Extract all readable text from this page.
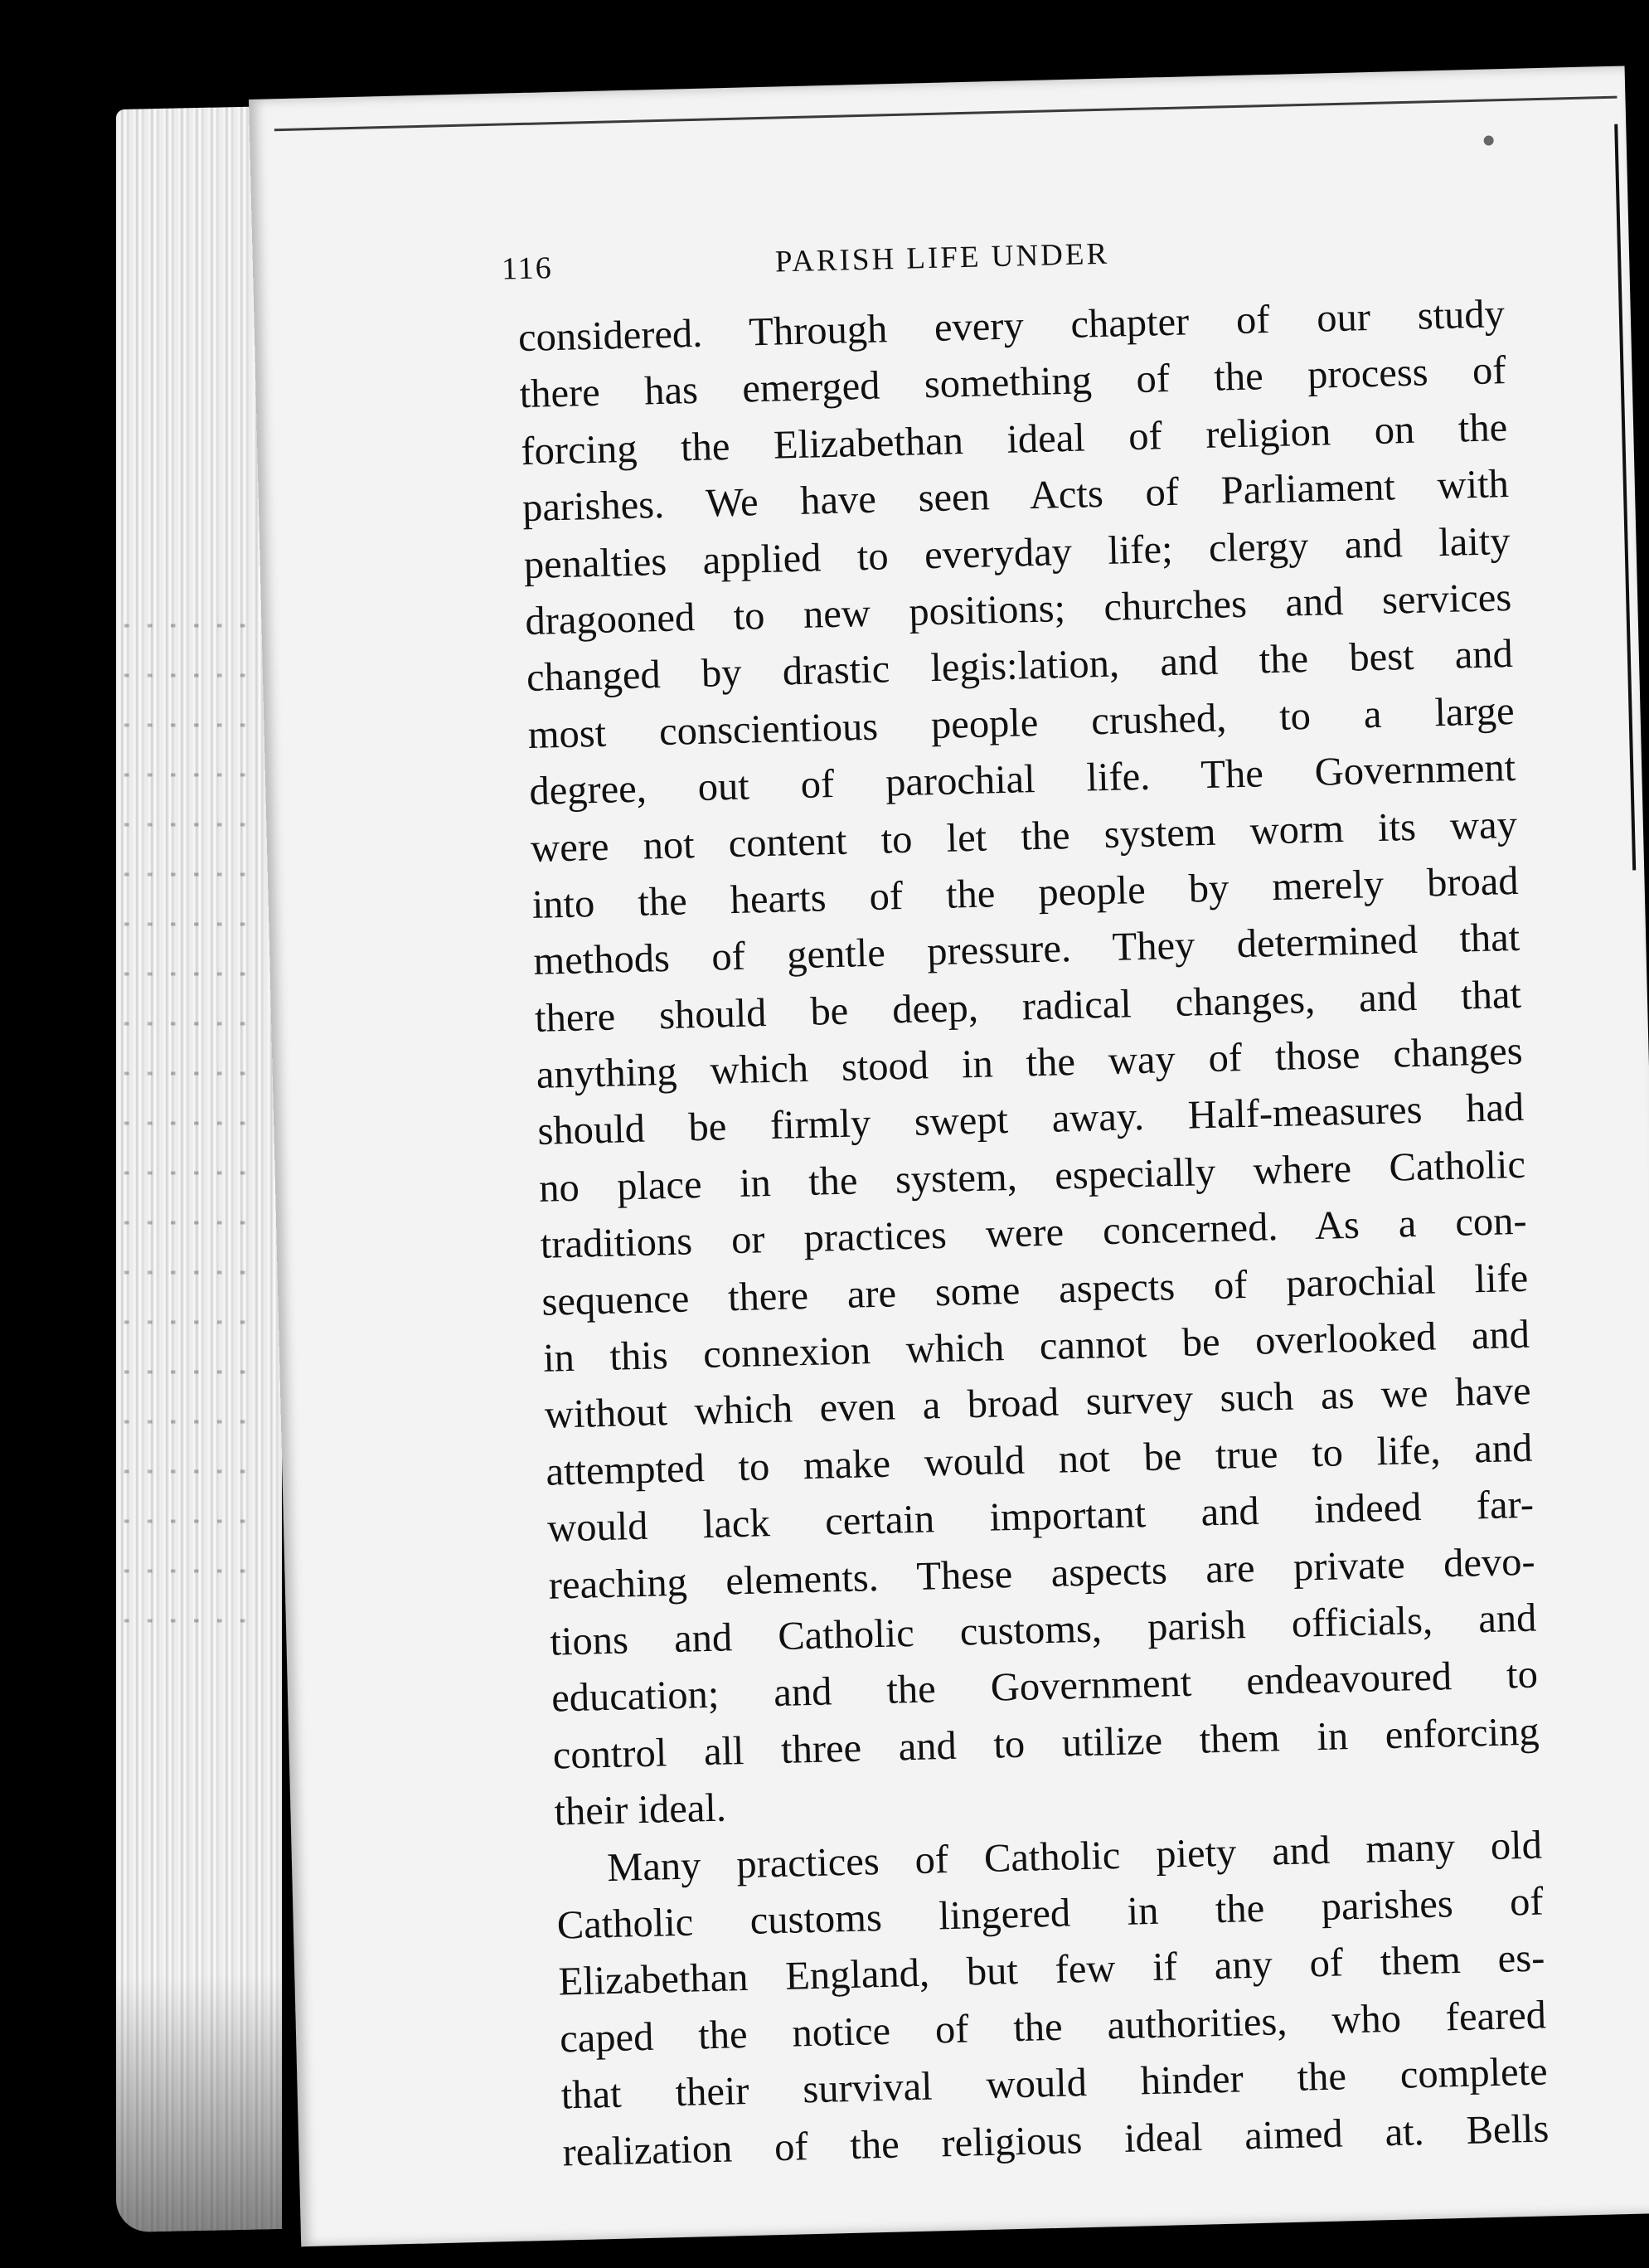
116	PARISH LIFE UNDER
considered. Through every chapter of our study
there has emerged something of the process of
forcing the Elizabethan ideal of religion on the
parishes. We have seen Acts of Parliament with
penalties applied to everyday life; clergy and laity
dragooned to new positions; churches and services
changed by drastic legis:lation, and the best and
most conscientious people crushed, to a large
degree, out of parochial life. The Government
were not content to let the system worm its way
into the hearts of the people by merely broad
methods of gentle pressure. They determined that
there should be deep, radical changes, and that
anything which stood in the way of those changes
should be firmly swept away. Half-measures had
no place in the system, especially where Catholic
traditions or practices were concerned. As a con-
sequence there are some aspects of parochial life
in this connexion which cannot be overlooked and
without which even a broad survey such as we have
attempted to make would not be true to life, and
would lack certain important and indeed far-
reaching elements. These aspects are private devo-
tions and Catholic customs, parish officials, and
education; and the Government endeavoured to
control all three and to utilize them in enforcing
their ideal.
Many practices of Catholic piety and many old
Catholic customs lingered in the parishes of
Elizabethan England, but few if any of them es-
caped the notice of the authorities, who feared
that their survival would hinder the complete
realization of the religious ideal aimed at. Bells
